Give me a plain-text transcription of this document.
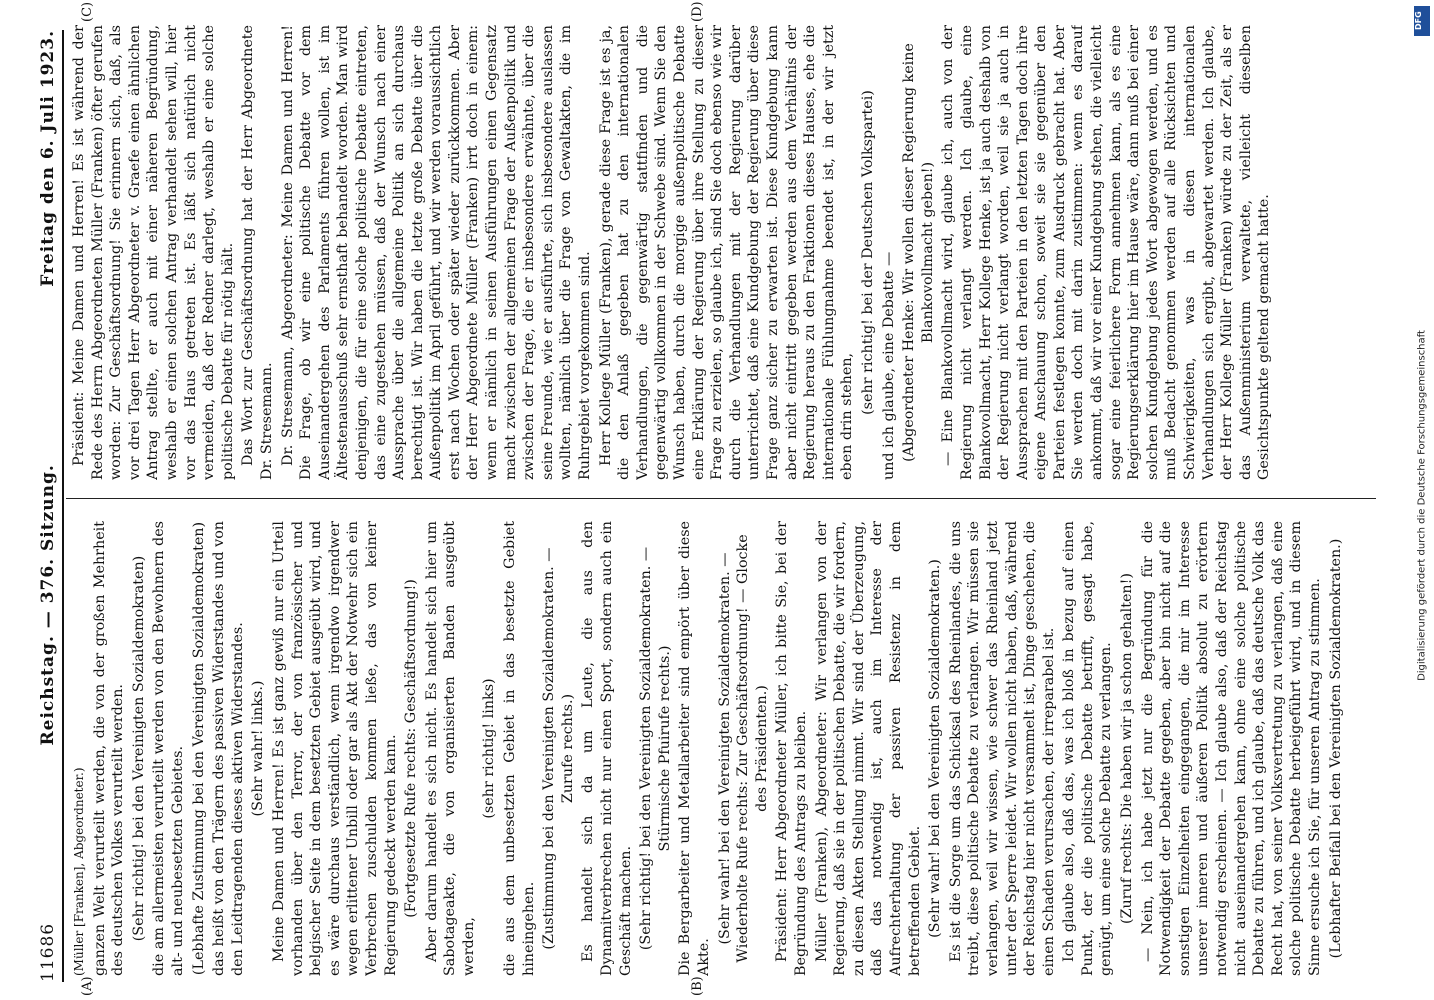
11686
Reichstag. — 376. Sitzung.
Freitag den 6. Juli 1923.
(A)	(B)
(C)	(D)

(Müller [Franken], Abgeordneter.) ganzen Welt verurteilt werden, die von der großen Mehrheit des deutschen Volkes verurteilt werden. (Sehr richtig! bei den Vereinigten Sozialdemokraten) die am allermeisten verurteilt werden von den Bewohnern des alt- und neubesetzten Gebietes. (Lebhafte Zustimmung bei den Vereinigten Sozialdemokraten) das heißt von den Trägern des passiven Widerstandes und von den Leidtragenden dieses aktiven Widerstandes. (Sehr wahr! links.) Meine Damen und Herren! Es ist ganz gewiß nur ein Urteil vorhanden über den Terror, der von französischer und belgischer Seite in dem besetzten Gebiet ausgeübt wird, und es wäre durchaus verständlich, wenn irgendwo irgendwer wegen erlittener Unbill oder gar als Akt der Notwehr sich ein Verbrechen zuschulden kommen ließe, das von keiner Regierung gedeckt werden kann. (Fortgesetzte Rufe rechts: Geschäftsordnung!) Aber darum handelt es sich nicht. Es handelt sich hier um Sabotageakte, die von organisierten Banden ausgeübt werden,

(sehr richtig! links) die aus dem unbesetzten Gebiet in das besetzte Gebiet hineingehen. (Zustimmung bei den Vereinigten Sozialdemokraten. — Zurufe rechts.) Es handelt sich da um Leute, die aus den Dynamitverbrechen nicht nur einen Sport, sondern auch ein Geschäft machen. (Sehr richtig! bei den Vereinigten Sozialdemokraten. — Stürmische Pfuirufe rechts.) Die Bergarbeiter und Metallarbeiter sind empört über diese Akte.

(Sehr wahr! bei den Vereinigten Sozialdemokraten. — Wiederholte Rufe rechts: Zur Geschäftsordnung! — Glocke des Präsidenten.) Präsident: Herr Abgeordneter Müller, ich bitte Sie, bei der Begründung des Antrags zu bleiben. Müller (Franken), Abgeordneter: Wir verlangen von der Regierung, daß sie in der politischen Debatte, die wir fordern, zu diesen Akten Stellung nimmt. Wir sind der Überzeugung, daß das notwendig ist, auch im Interesse der Aufrechterhaltung der passiven Resistenz in dem betreffenden Gebiet. (Sehr wahr! bei den Vereinigten Sozialdemokraten.) Es ist die Sorge um das Schicksal des Rheinlandes, die uns treibt, diese politische Debatte zu verlangen. Wir müssen sie verlangen, weil wir wissen, wie schwer das Rheinland jetzt unter der Sperre leidet. Wir wollen nicht haben, daß, während der Reichstag hier nicht versammelt ist, Dinge geschehen, die einen Schaden verursachen, der irreparabel ist. Ich glaube also, daß das, was ich bloß in bezug auf einen Punkt, der die politische Debatte betrifft, gesagt habe, genügt, um eine solche Debatte zu verlangen. (Zuruf rechts: Die haben wir ja schon gehalten!) — Nein, ich habe jetzt nur die Begründung für die Notwendigkeit der Debatte gegeben, aber bin nicht auf die sonstigen Einzelheiten eingegangen, die mir im Interesse unserer inneren und äußeren Politik absolut zu erörtern notwendig erscheinen. — Ich glaube also, daß der Reichstag nicht auseinandergehen kann, ohne eine solche politische Debatte zu führen, und ich glaube, daß das deutsche Volk das Recht hat, von seiner Volksvertretung zu verlangen, daß eine solche politische Debatte herbeigeführt wird, und in diesem Sinne ersuche ich Sie, für unseren Antrag zu stimmen. (Lebhafter Beifall bei den Vereinigten Sozialdemokraten.)

Präsident: Meine Damen und Herren! Es ist während der Rede des Herrn Abgeordneten Müller (Franken) öfter gerufen worden: Zur Geschäftsordnung! Sie erinnern sich, daß, als vor drei Tagen Herr Abgeordneter v. Graefe einen ähnlichen Antrag stellte, er auch mit einer näheren Begründung, weshalb er einen solchen Antrag verhandelt sehen will, hier vor das Haus getreten ist. Es läßt sich natürlich nicht vermeiden, daß der Redner darlegt, weshalb er eine solche politische Debatte für nötig hält. Das Wort zur Geschäftsordnung hat der Herr Abgeordnete Dr. Stresemann. Dr. Stresemann, Abgeordneter: Meine Damen und Herren! Die Frage, ob wir eine politische Debatte vor dem Auseinandergehen des Parlaments führen wollen, ist im Ältestenausschuß sehr ernsthaft behandelt worden. Man wird denjenigen, die für eine solche politische Debatte eintreten, das eine zugestehen müssen, daß der Wunsch nach einer Aussprache über die allgemeine Politik an sich durchaus berechtigt ist. Wir haben die letzte große Debatte über die Außenpolitik im April geführt, und wir werden voraussichtlich erst nach Wochen oder später wieder zurückkommen. Aber der Herr Abgeordnete Müller (Franken) irrt doch in einem: wenn er nämlich in seinen Ausführungen einen Gegensatz macht zwischen der allgemeinen Frage der Außenpolitik und zwischen der Frage, die er insbesondere erwähnte, über die seine Freunde, wie er ausführte, sich insbesondere auslassen wollten, nämlich über die Frage von Gewaltakten, die im Ruhrgebiet vorgekommen sind. Herr Kollege Müller (Franken), gerade diese Frage ist es ja, die den Anlaß gegeben hat zu den internationalen Verhandlungen, die gegenwärtig stattfinden und die gegenwärtig vollkommen in der Schwebe sind. Wenn Sie den Wunsch haben, durch die morgige außenpolitische Debatte eine Erklärung der Regierung über ihre Stellung zu dieser Frage zu erzielen, so glaube ich, sind Sie doch ebenso wie wir durch die Verhandlungen mit der Regierung darüber unterrichtet, daß eine Kundgebung der Regierung über diese Frage ganz sicher zu erwarten ist. Diese Kundgebung kann aber nicht eintritt gegeben werden aus dem Verhältnis der Regierung heraus zu den Fraktionen dieses Hauses, ehe die internationale Fühlungnahme beendet ist, in der wir jetzt eben drin stehen,

(sehr richtig! bei der Deutschen Volkspartei) und ich glaube, eine Debatte — (Abgeordneter Henke: Wir wollen dieser Regierung keine Blankovollmacht geben!) — Eine Blankovollmacht wird, glaube ich, auch von der Regierung nicht verlangt werden. Ich glaube, eine Blankovollmacht, Herr Kollege Henke, ist ja auch deshalb von der Regierung nicht verlangt worden, weil sie ja auch in Aussprachen mit den Parteien in den letzten Tagen doch ihre eigene Anschauung schon, soweit sie sie gegenüber den Parteien festlegen konnte, zum Ausdruck gebracht hat. Aber Sie werden doch mit darin zustimmen: wenn es darauf ankommt, daß wir vor einer Kundgebung stehen, die vielleicht sogar eine feierlichere Form annehmen kann, als es eine Regierungserklärung hier im Hause wäre, dann muß bei einer solchen Kundgebung jedes Wort abgewogen werden, und es muß Bedacht genommen werden auf alle Rücksichten und Schwierigkeiten, was in diesen internationalen Verhandlungen sich ergibt, abgewartet werden. Ich glaube, der Herr Kollege Müller (Franken) würde zu der Zeit, als er das Außenministerium verwaltete, vielleicht dieselben Gesichtspunkte geltend gemacht hatte.

DFG
Digitalisierung gefördert durch die Deutsche Forschungsgemeinschaft
